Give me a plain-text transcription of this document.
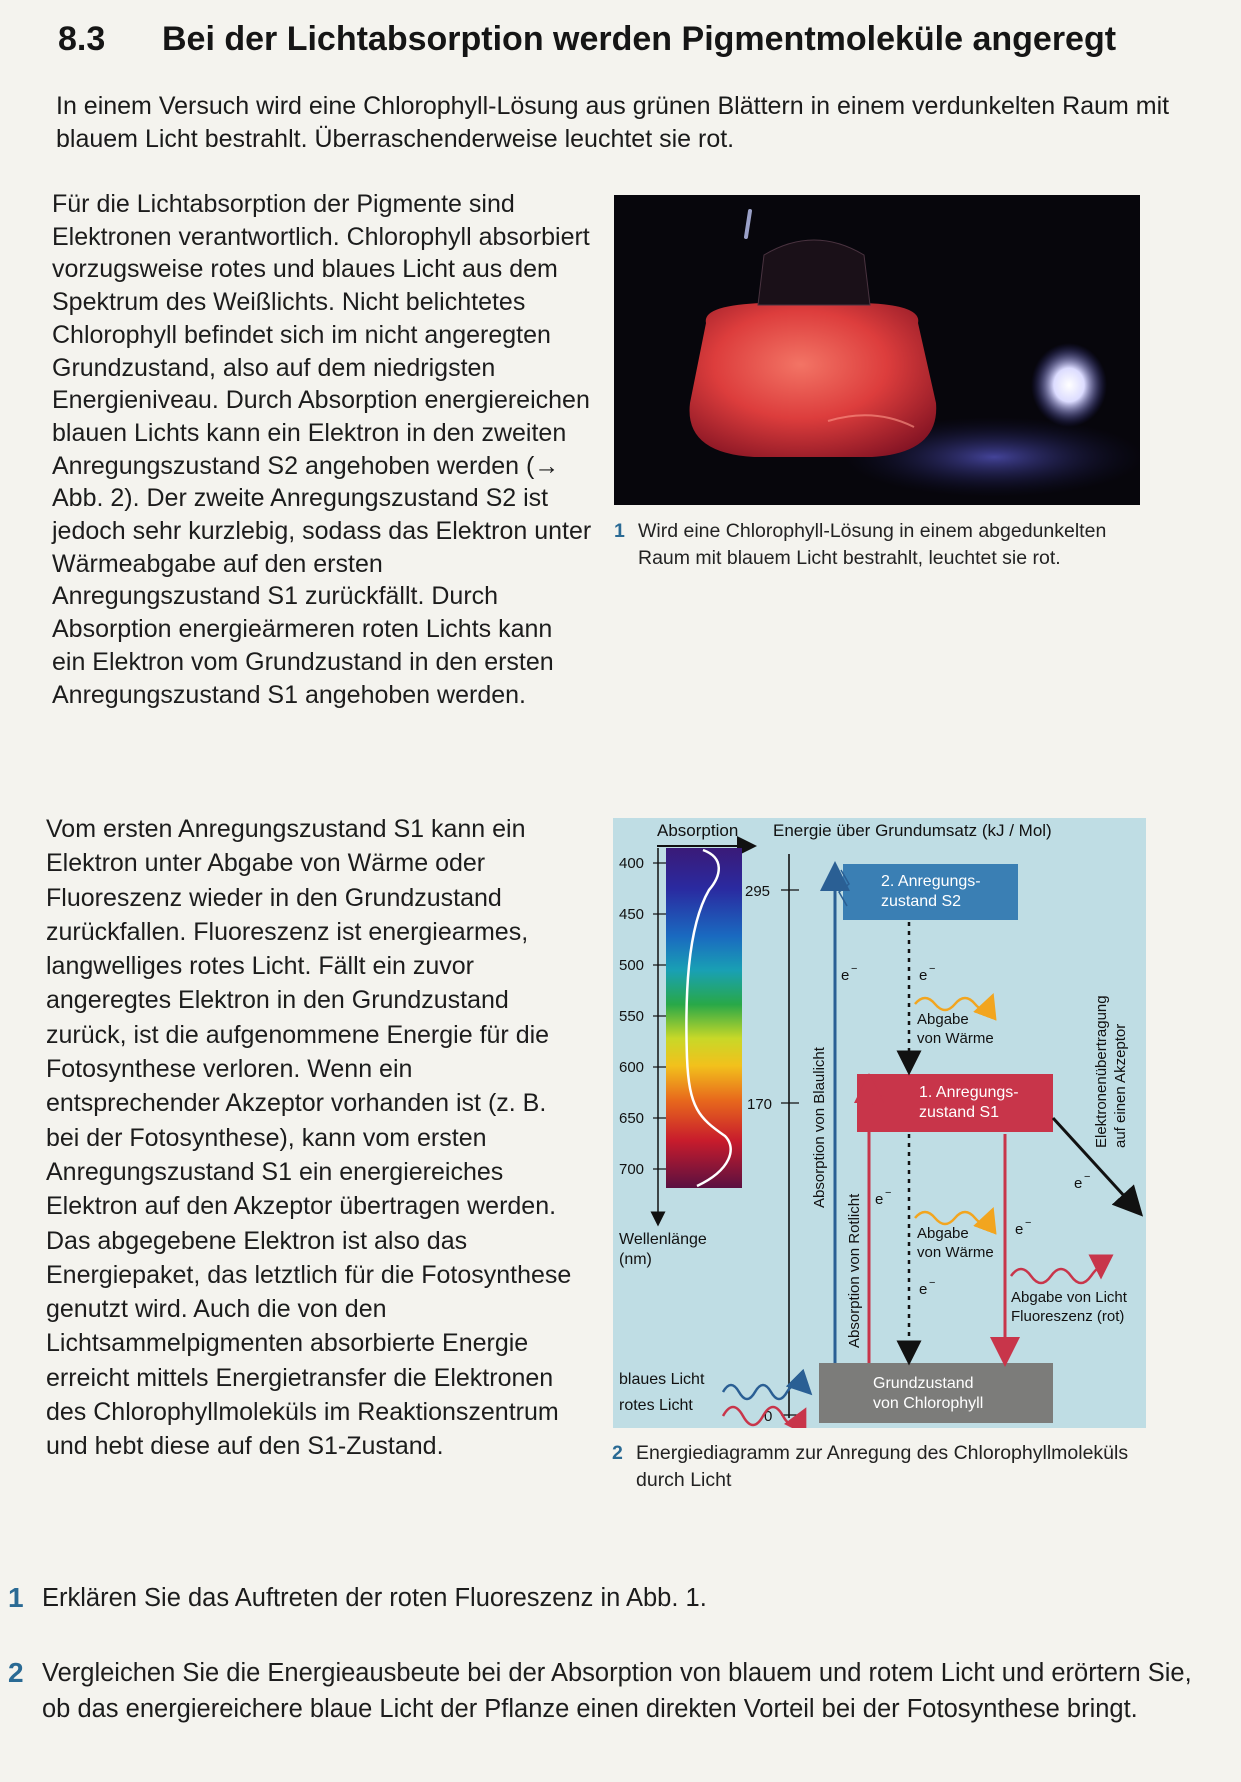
8.3 Bei der Lichtabsorption werden Pigmentmoleküle angeregt
In einem Versuch wird eine Chlorophyll-Lösung aus grünen Blättern in einem verdunkelten Raum mit blauem Licht bestrahlt. Überraschenderweise leuchtet sie rot.
Für die Lichtabsorption der Pigmente sind Elektronen verantwortlich. Chlorophyll absorbiert vorzugsweise rotes und blaues Licht aus dem Spektrum des Weißlichts. Nicht belichtetes Chlorophyll befindet sich im nicht angeregten Grundzustand, also auf dem niedrigsten Energieniveau. Durch Absorption energiereichen blauen Lichts kann ein Elektron in den zweiten Anregungszustand S2 angehoben werden (→ Abb. 2). Der zweite Anregungszustand S2 ist jedoch sehr kurzlebig, sodass das Elektron unter Wärmeabgabe auf den ersten Anregungszustand S1 zurückfällt. Durch Absorption energieärmeren roten Lichts kann ein Elektron vom Grundzustand in den ersten Anregungszustand S1 angehoben werden.
1 Wird eine Chlorophyll-Lösung in einem abgedunkelten Raum mit blauem Licht bestrahlt, leuchtet sie rot.
Vom ersten Anregungszustand S1 kann ein Elektron unter Abgabe von Wärme oder Fluoreszenz wieder in den Grundzustand zurückfallen. Fluoreszenz ist energiearmes, langwelliges rotes Licht. Fällt ein zuvor angeregtes Elektron in den Grundzustand zurück, ist die aufgenommene Energie für die Fotosynthese verloren. Wenn ein entsprechender Akzeptor vorhanden ist (z. B. bei der Fotosynthese), kann vom ersten Anregungszustand S1 ein energiereiches Elektron auf den Akzeptor übertragen werden. Das abgegebene Elektron ist also das Energiepaket, das letztlich für die Fotosynthese genutzt wird. Auch die von den Lichtsammelpigmenten absorbierte Energie erreicht mittels Energietransfer die Elektronen des Chlorophyllmoleküls im Reaktionszentrum und hebt diese auf den S1-Zustand.
Absorption Energie über Grundumsatz (kJ / Mol)
400
450
500
550
600
650
700
Wellenlänge
(nm)
295
170
0
2. Anregungs-
zustand S2
1. Anregungs-
zustand S1
Grundzustand
von Chlorophyll
Absorption von Blaulicht
Absorption von Rotlicht
e −	e −
e −
e −
e −
e −
Abgabe
von Wärme
Abgabe
von Wärme
Abgabe von Licht
Fluoreszenz (rot)
Elektronenübertragung auf einen Akzeptor
blaues Licht
rotes Licht
2 Energiediagramm zur Anregung des Chlorophyllmoleküls durch Licht
1 Erklären Sie das Auftreten der roten Fluoreszenz in Abb. 1.
2 Vergleichen Sie die Energieausbeute bei der Absorption von blauem und rotem Licht und erörtern Sie, ob das energiereichere blaue Licht der Pflanze einen direkten Vorteil bei der Fotosynthese bringt.
